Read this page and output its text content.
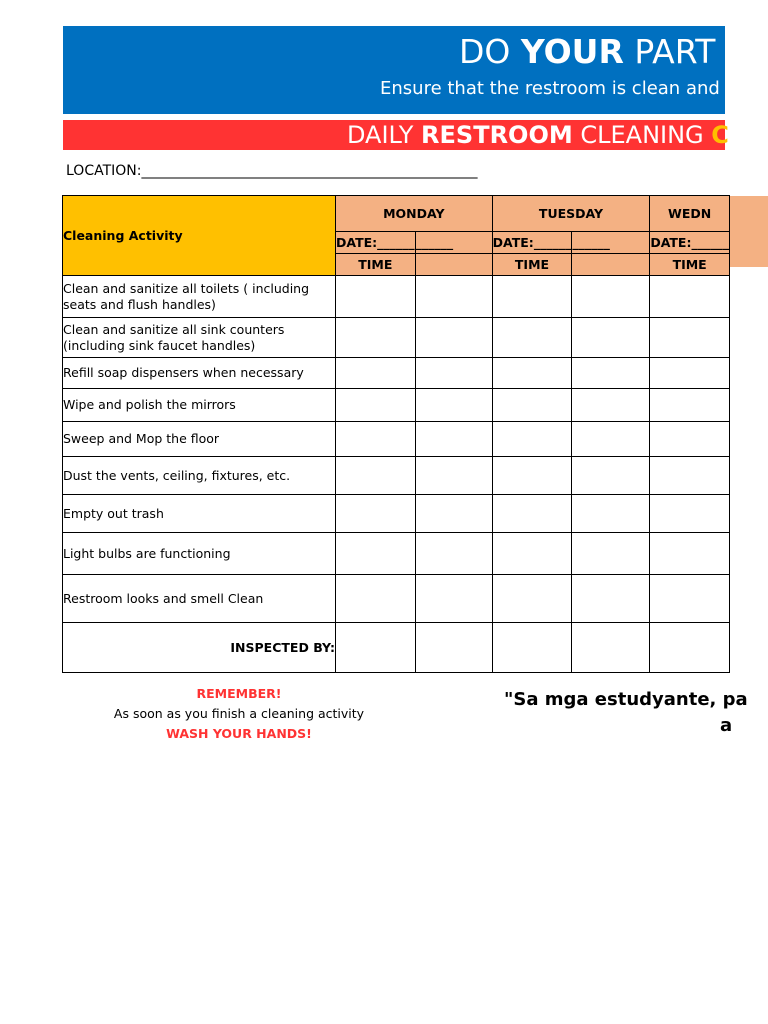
DO YOUR PART
Ensure that the restroom is clean and
DAILY RESTROOM CLEANING C
LOCATION:________________________________________________
Cleaning Activity	MONDAY		TUESDAY		WEDN
	DATE:______	______	DATE:______	______	DATE:______
	TIME		TIME		TIME
Clean and sanitize all toilets ( including seats and flush handles)					
Clean and sanitize all sink counters (including sink faucet handles)					
Refill soap dispensers when necessary					
Wipe and polish the mirrors					
Sweep and Mop the floor					
Dust the vents, ceiling, fixtures, etc.					
Empty out trash					
Light bulbs are functioning					
Restroom looks and smell Clean					
INSPECTED BY:					
REMEMBER!
As soon as you finish a cleaning activity
WASH YOUR HANDS!
"Sa mga estudyante, pa
a
